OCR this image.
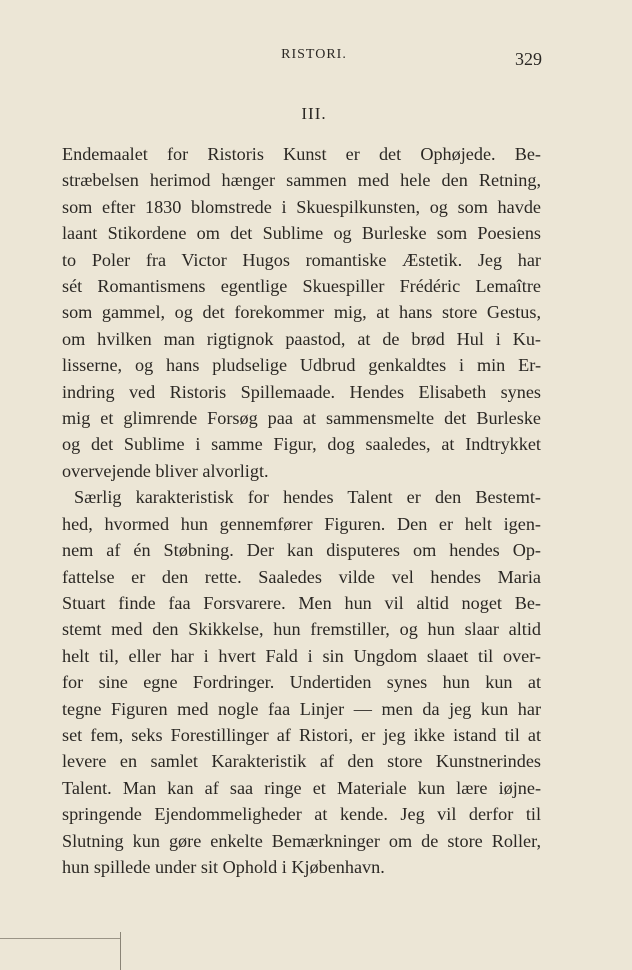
RISTORI.	329
III.
Endemaalet for Ristoris Kunst er det Ophøjede. Be-
stræbelsen herimod hænger sammen med hele den Retning,
som efter 1830 blomstrede i Skuespilkunsten, og som havde
laant Stikordene om det Sublime og Burleske som Poesiens
to Poler fra Victor Hugos romantiske Æstetik. Jeg har
sét Romantismens egentlige Skuespiller Frédéric Lemaître
som gammel, og det forekommer mig, at hans store Gestus,
om hvilken man rigtignok paastod, at de brød Hul i Ku-
lisserne, og hans pludselige Udbrud genkaldtes i min Er-
indring ved Ristoris Spillemaade. Hendes Elisabeth synes
mig et glimrende Forsøg paa at sammensmelte det Burleske
og det Sublime i samme Figur, dog saaledes, at Indtrykket
overvejende bliver alvorligt.
Særlig karakteristisk for hendes Talent er den Bestemt-
hed, hvormed hun gennemfører Figuren. Den er helt igen-
nem af én Støbning. Der kan disputeres om hendes Op-
fattelse er den rette. Saaledes vilde vel hendes Maria
Stuart finde faa Forsvarere. Men hun vil altid noget Be-
stemt med den Skikkelse, hun fremstiller, og hun slaar altid
helt til, eller har i hvert Fald i sin Ungdom slaaet til over-
for sine egne Fordringer. Undertiden synes hun kun at
tegne Figuren med nogle faa Linjer — men da jeg kun har
set fem, seks Forestillinger af Ristori, er jeg ikke istand til at
levere en samlet Karakteristik af den store Kunstnerindes
Talent. Man kan af saa ringe et Materiale kun lære iøjne-
springende Ejendommeligheder at kende. Jeg vil derfor til
Slutning kun gøre enkelte Bemærkninger om de store Roller,
hun spillede under sit Ophold i Kjøbenhavn.
